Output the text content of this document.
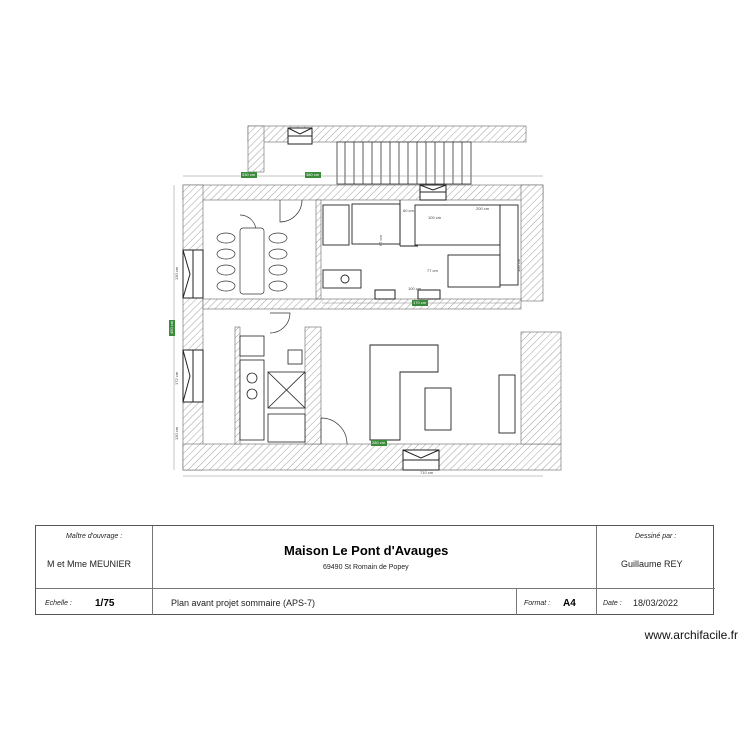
330 cm	380 cm
60 cm	200 cm
100 cm
77 cm
100 cm
170 cm
280 cm
710 cm
67 cm
130 cm
172 cm
130 cm
450 cm
100 cm
Maître d'ouvrage :
M et Mme MEUNIER
Maison Le Pont d'Avauges
69490 St Romain de Popey
Dessiné par :
Guillaume REY
Echelle : 1/75	Plan avant projet sommaire (APS-7)	Format : A4	Date : 18/03/2022
www.archifacile.fr
